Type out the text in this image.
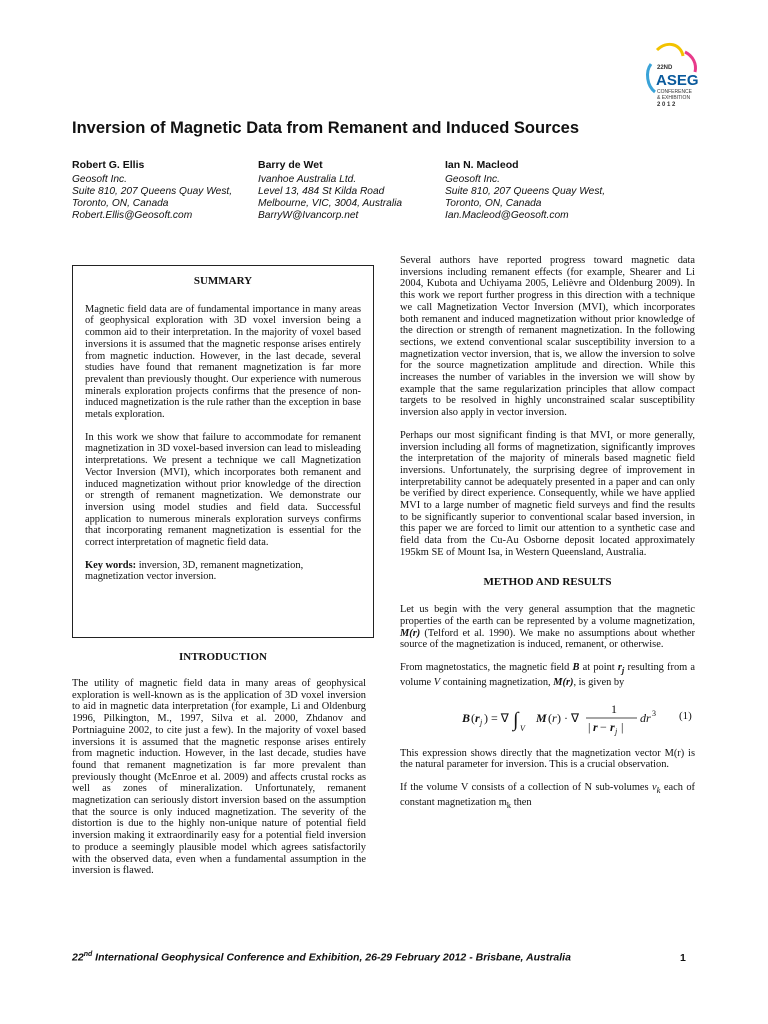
22ND
ASEG
CONFERENCE
& EXHIBITION
2 0 1 2
Inversion of Magnetic Data from Remanent and Induced Sources
Robert G. Ellis
Geosoft Inc.
Suite 810, 207 Queens Quay West,
Toronto, ON, Canada
Robert.Ellis@Geosoft.com
Barry de Wet
Ivanhoe Australia Ltd.
Level 13, 484 St Kilda Road
Melbourne, VIC, 3004, Australia
BarryW@Ivancorp.net
Ian N. Macleod
Geosoft Inc.
Suite 810, 207 Queens Quay West,
Toronto, ON, Canada
Ian.Macleod@Geosoft.com
SUMMARY

Magnetic field data are of fundamental importance in many areas of geophysical exploration with 3D voxel inversion being a common aid to their interpretation. In the majority of voxel based inversions it is assumed that the magnetic response arises entirely from magnetic induction. However, in the last decade, several studies have found that remanent magnetization is far more prevalent than previously thought. Our experience with numerous minerals exploration projects confirms that the presence of non-induced magnetization is the rule rather than the exception in base metals exploration.

In this work we show that failure to accommodate for remanent magnetization in 3D voxel-based inversion can lead to misleading interpretations. We present a technique we call Magnetization Vector Inversion (MVI), which incorporates both remanent and induced magnetization without prior knowledge of the direction or strength of remanent magnetization. We demonstrate our inversion using model studies and field data. Successful application to numerous minerals exploration surveys confirms that incorporating remanent magnetization is essential for the correct interpretation of magnetic field data.

Key words: inversion, 3D, remanent magnetization, magnetization vector inversion.

INTRODUCTION

The utility of magnetic field data in many areas of geophysical exploration is well-known as is the application of 3D voxel inversion to aid in magnetic data interpretation (for example, Li and Oldenburg 1996, Pilkington, M., 1997, Silva et al. 2000, Zhdanov and Portniaguine 2002, to cite just a few). In the majority of voxel based inversions it is assumed that the magnetic response arises entirely from magnetic induction. However, in the last decade, studies have found that remanent magnetization is far more prevalent than previously thought (McEnroe et al. 2009) and affects crustal rocks as well as zones of mineralization. Unfortunately, remanent magnetization can seriously distort inversion based on the assumption that the source is only induced magnetization. The severity of the distortion is due to the highly non-unique nature of potential field inversion making it extraordinarily easy for a potential field inversion to produce a seemingly plausible model which agrees satisfactorily with the observed data, even when a fundamental assumption in the inversion is flawed.

Several authors have reported progress toward magnetic data inversions including remanent effects (for example, Shearer and Li 2004, Kubota and Uchiyama 2005, Lelièvre and Oldenburg 2009). In this work we report further progress in this direction with a technique we call Magnetization Vector Inversion (MVI), which incorporates both remanent and induced magnetization without prior knowledge of the direction or strength of remanent magnetization. In the following sections, we extend conventional scalar susceptibility inversion to a magnetization vector inversion, that is, we allow the inversion to solve for the source magnetization amplitude and direction. While this increases the number of variables in the inversion we will show by example that the same regularization principles that allow compact targets to be resolved in highly unconstrained scalar susceptibility inversion also apply in vector inversion.

Perhaps our most significant finding is that MVI, or more generally, inversion including all forms of magnetization, significantly improves the interpretation of the majority of minerals based magnetic field inversions. Unfortunately, the surprising degree of improvement in interpretability cannot be adequately presented in a paper and can only be verified by direct experience. Consequently, while we have applied MVI to a large number of magnetic field surveys and find the results to be significantly superior to conventional scalar based inversion, in this paper we are forced to limit our attention to a synthetic case and field data from the Cu-Au Osborne deposit located approximately 195km SE of Mount Isa, in Western Queensland, Australia.

METHOD AND RESULTS

Let us begin with the very general assumption that the magnetic properties of the earth can be represented by a volume magnetization, M(r) (Telford et al. 1990). We make no assumptions about whether source of the magnetization is induced, remanent, or otherwise.

From magnetostatics, the magnetic field B at point $r_j$ resulting from a volume V containing magnetization, M(r), is given by

B ( r j ) = ∇ ∫ V
M ( r ) · ∇
1
| r − r j |
dr 3 (1)

This expression shows directly that the magnetization vector M(r) is the natural parameter for inversion. This is a crucial observation.

If the volume V consists of a collection of N sub-volumes $v_k$ each of constant magnetization $m_k$ then

22nd International Geophysical Conference and Exhibition, 26-29 February 2012 - Brisbane, Australia	1
